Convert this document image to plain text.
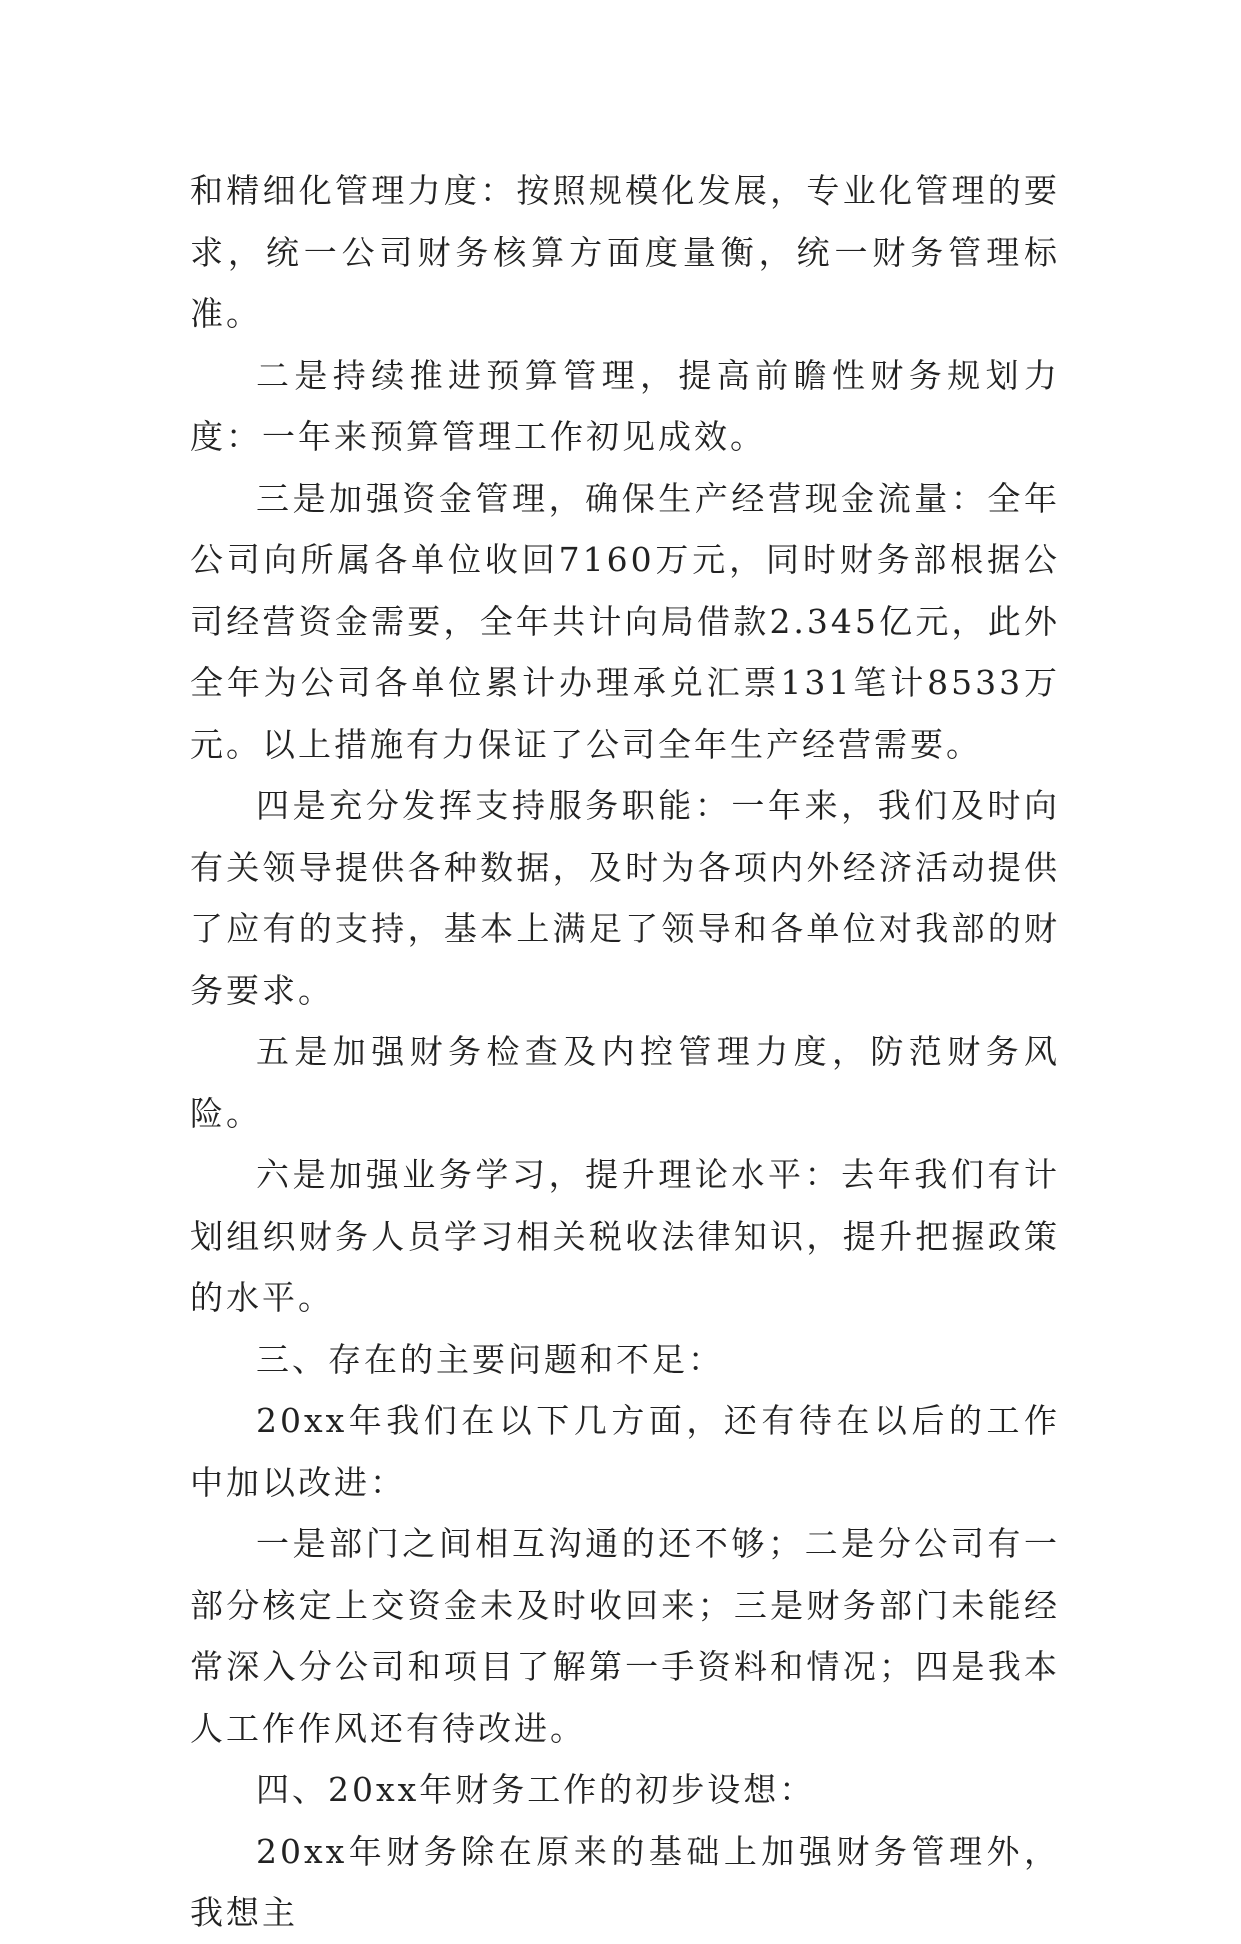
和精细化管理力度：按照规模化发展，专业化管理的要求，统一公司财务核算方面度量衡，统一财务管理标准。

二是持续推进预算管理，提高前瞻性财务规划力度：一年来预算管理工作初见成效。

三是加强资金管理，确保生产经营现金流量：全年公司向所属各单位收回7160万元，同时财务部根据公司经营资金需要，全年共计向局借款2.345亿元，此外全年为公司各单位累计办理承兑汇票131笔计8533万元。以上措施有力保证了公司全年生产经营需要。

四是充分发挥支持服务职能：一年来，我们及时向有关领导提供各种数据，及时为各项内外经济活动提供了应有的支持，基本上满足了领导和各单位对我部的财务要求。

五是加强财务检查及内控管理力度，防范财务风险。

六是加强业务学习，提升理论水平：去年我们有计划组织财务人员学习相关税收法律知识，提升把握政策的水平。

三、存在的主要问题和不足：

20xx年我们在以下几方面，还有待在以后的工作中加以改进：

一是部门之间相互沟通的还不够；二是分公司有一部分核定上交资金未及时收回来；三是财务部门未能经常深入分公司和项目了解第一手资料和情况；四是我本人工作作风还有待改进。

四、20xx年财务工作的初步设想：

20xx年财务除在原来的基础上加强财务管理外，我想主
